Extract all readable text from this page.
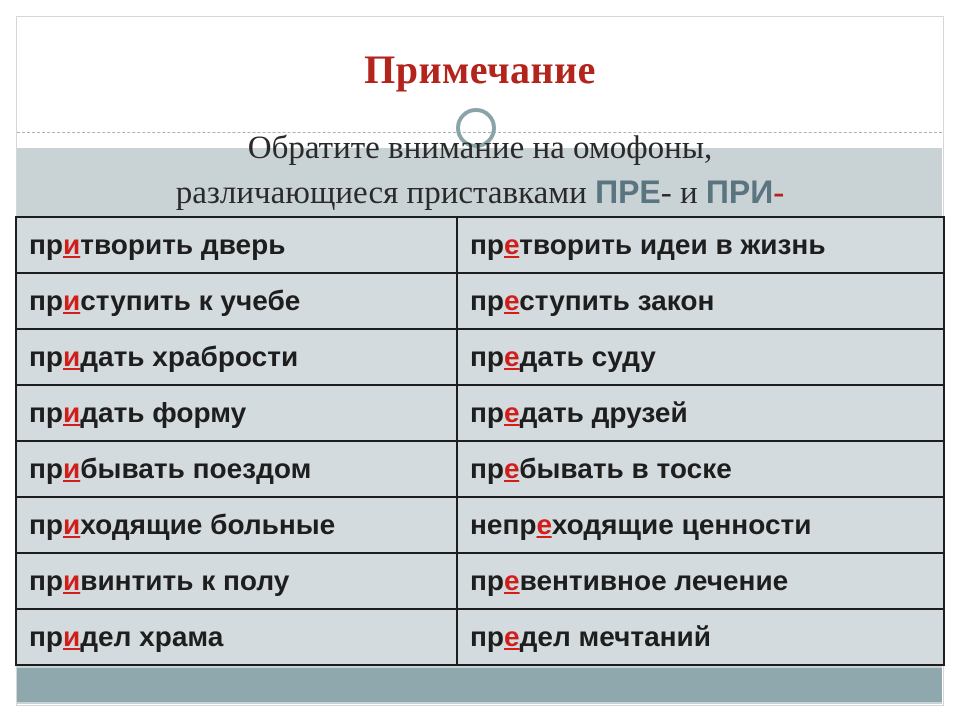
Примечание
Обратите внимание на омофоны,
различающиеся приставками ПРЕ- и ПРИ-
притворить дверь	претворить идеи в жизнь
приступить к учебе	преступить закон
придать храбрости	предать суду
придать форму	предать друзей
прибывать поездом	пребывать в тоске
приходящие больные	непреходящие ценности
привинтить к полу	превентивное лечение
придел храма	предел мечтаний
